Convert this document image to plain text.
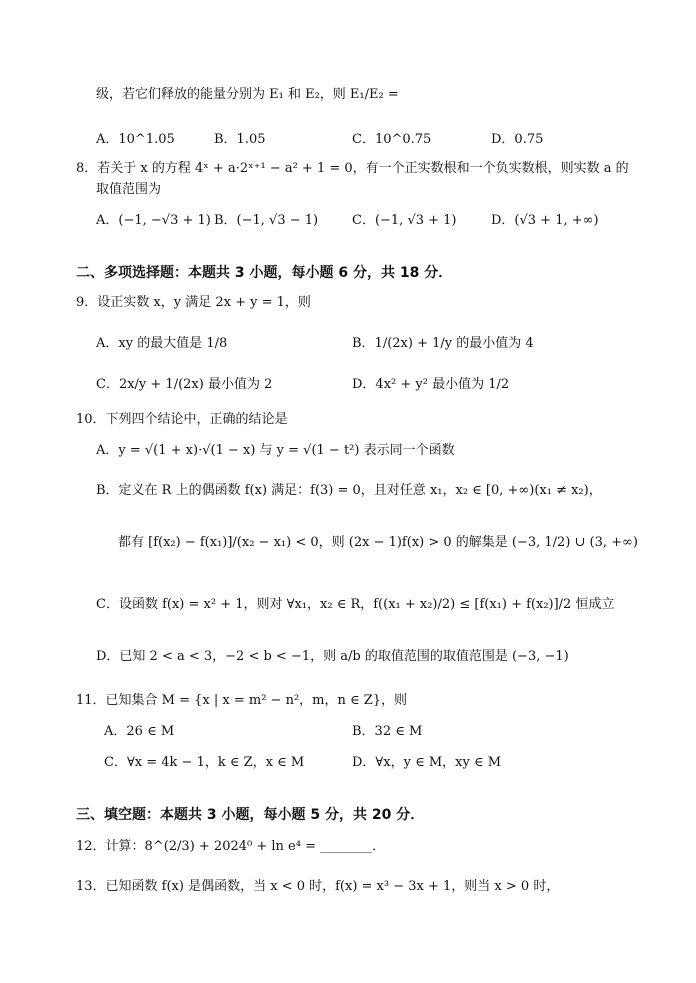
级，若它们释放的能量分别为 E₁ 和 E₂，则 E₁/E₂ =
A．10^1.05	B．1.05	C．10^0.75	D．0.75
8．若关于 x 的方程 4ˣ + a·2ˣ⁺¹ − a² + 1 = 0，有一个正实数根和一个负实数根，则实数 a 的
取值范围为
A．(−1, −√3 + 1) B．(−1, √3 − 1)	C．(−1, √3 + 1)	D．(√3 + 1, +∞)
二、多项选择题：本题共 3 小题，每小题 6 分，共 18 分．
9．设正实数 x，y 满足 2x + y = 1，则
A．xy 的最大值是 1/8	B．1/(2x) + 1/y 的最小值为 4
C．2x/y + 1/(2x) 最小值为 2	D．4x² + y² 最小值为 1/2
10．下列四个结论中，正确的结论是
A．y = √(1 + x)·√(1 − x) 与 y = √(1 − t²) 表示同一个函数
B．定义在 R 上的偶函数 f(x) 满足：f(3) = 0，且对任意 x₁，x₂ ∈ [0, +∞)(x₁ ≠ x₂)，
都有 [f(x₂) − f(x₁)]/(x₂ − x₁) < 0，则 (2x − 1)f(x) > 0 的解集是 (−3, 1/2) ∪ (3, +∞)
C．设函数 f(x) = x² + 1，则对 ∀x₁，x₂ ∈ R，f((x₁ + x₂)/2) ≤ [f(x₁) + f(x₂)]/2 恒成立
D．已知 2 < a < 3，−2 < b < −1，则 a/b 的取值范围的取值范围是 (−3, −1)
11．已知集合 M = {x | x = m² − n²，m，n ∈ Z}，则
A．26 ∈ M	B．32 ∈ M
C．∀x = 4k − 1，k ∈ Z，x ∈ M	D．∀x，y ∈ M，xy ∈ M
三、填空题：本题共 3 小题，每小题 5 分，共 20 分．
12．计算：8^(2/3) + 2024⁰ + ln e⁴ = ________．
13．已知函数 f(x) 是偶函数，当 x < 0 时，f(x) = x³ − 3x + 1，则当 x > 0 时，
